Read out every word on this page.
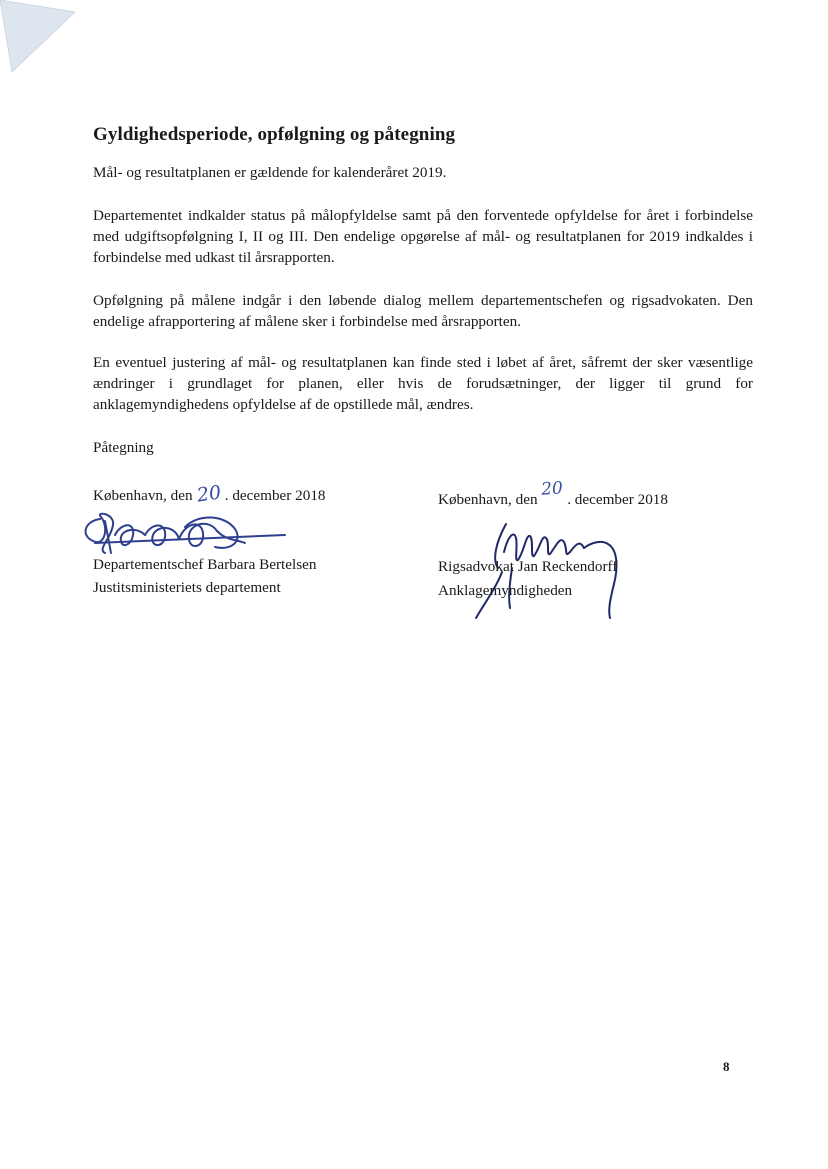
Gyldighedsperiode, opfølgning og påtegning

Mål- og resultatplanen er gældende for kalenderåret 2019.

Departementet indkalder status på målopfyldelse samt på den forventede opfyldelse for året i forbindelse med udgiftsopfølgning I, II og III. Den endelige opgørelse af mål- og resultatplanen for 2019 indkaldes i forbindelse med udkast til årsrapporten.

Opfølgning på målene indgår i den løbende dialog mellem departementschefen og rigsadvokaten. Den endelige afrapportering af målene sker i forbindelse med årsrapporten.

En eventuel justering af mål- og resultatplanen kan finde sted i løbet af året, såfremt der sker væsentlige ændringer i grundlaget for planen, eller hvis de forudsætninger, der ligger til grund for anklagemyndighedens opfyldelse af de opstillede mål, ændres.

Påtegning

København, den 20 . december 2018

Departementschef Barbara Bertelsen

Justitsministeriets departement

København, den 20 . december 2018

Rigsadvokat Jan Reckendorff

Anklagemyndigheden

8
